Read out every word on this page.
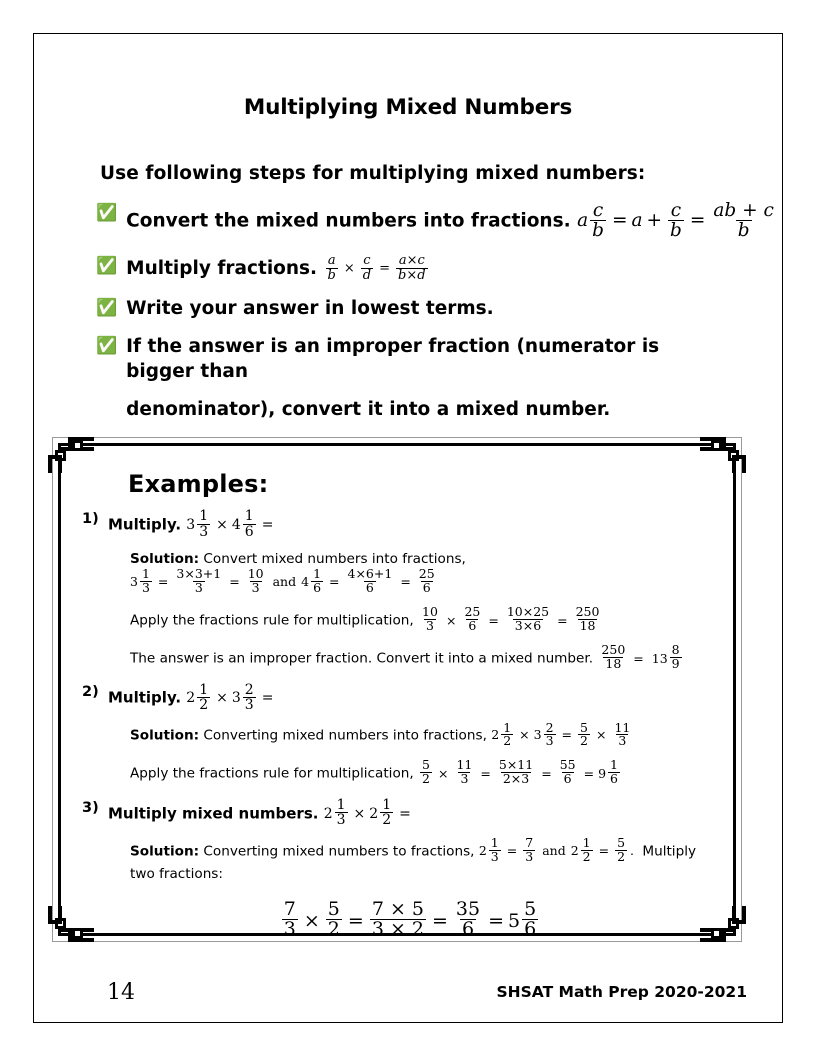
Multiplying Mixed Numbers
Use following steps for multiplying mixed numbers:
✅ Convert the mixed numbers into fractions. a $\frac{c}{b} = a + \frac{c}{b} = \frac{ab + c}{b}$
✅ Multiply fractions. $\frac{a}{b} \times \frac{c}{d} = \frac{a\times c}{b\times d}$
✅ Write your answer in lowest terms.
✅ If the answer is an improper fraction (numerator is bigger than
denominator), convert it into a mixed number.
Examples:
1) Multiply. $3 \frac{1}{3} \times 4 \frac{1}{6}$ =
Solution: Convert mixed numbers into fractions,
$3 \frac{1}{3} = \frac{3\times 3+1}{3} = \frac{10}{3}$ and $4 \frac{1}{6} = \frac{4\times 6+1}{6} = \frac{25}{6}$
Apply the fractions rule for multiplication, $\frac{10}{3} \times \frac{25}{6} = \frac{10\times 25}{3\times 6} = \frac{250}{18}$
The answer is an improper fraction. Convert it into a mixed number. $\frac{250}{18} = 13 \frac{8}{9}$
2) Multiply. $2 \frac{1}{2} \times 3 \frac{2}{3}$ =
Solution: Converting mixed numbers into fractions, $2 \frac{1}{2} \times 3 \frac{2}{3} = \frac{5}{2} \times \frac{11}{3}$
Apply the fractions rule for multiplication, $\frac{5}{2} \times \frac{11}{3} = \frac{5\times 11}{2\times 3} = \frac{55}{6} = 9 \frac{1}{6}$
3) Multiply mixed numbers. $2 \frac{1}{3} \times 2 \frac{1}{2}$ =
Solution: Converting mixed numbers to fractions, $2 \frac{1}{3} = \frac{7}{3}$ and $2 \frac{1}{2} = \frac{5}{2}$ . Multiply two fractions:
$\frac{7}{3} \times \frac{5}{2} = \frac{7 \times 5}{3 \times 2} = \frac{35}{6} = 5 \frac{5}{6}$
14	SHSAT Math Prep 2020-2021
